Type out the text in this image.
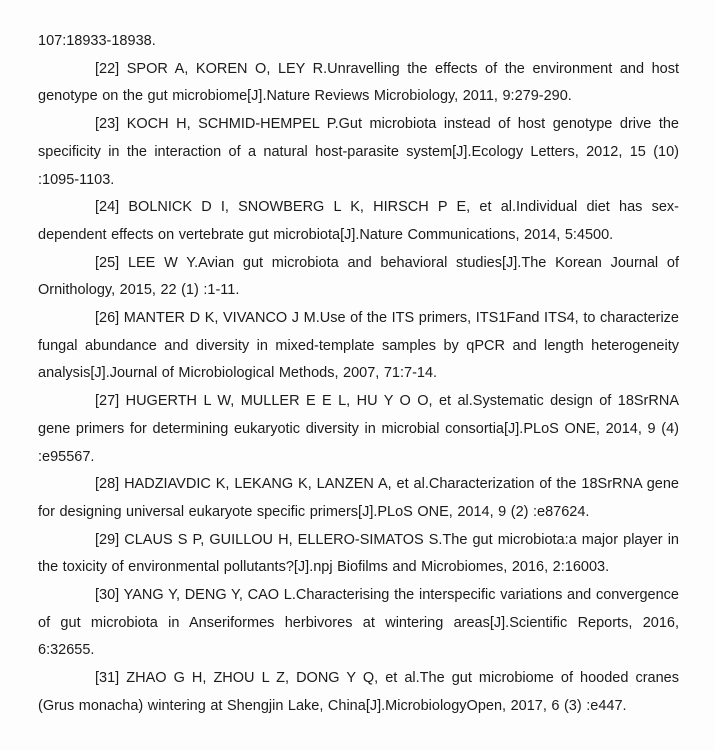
107:18933-18938.

[22] SPOR A, KOREN O, LEY R.Unravelling the effects of the environment and host genotype on the gut microbiome[J].Nature Reviews Microbiology, 2011, 9:279-290.

[23] KOCH H, SCHMID-HEMPEL P.Gut microbiota instead of host genotype drive the specificity in the interaction of a natural host-parasite system[J].Ecology Letters, 2012, 15 (10) :1095-1103.

[24] BOLNICK D I, SNOWBERG L K, HIRSCH P E, et al.Individual diet has sex-dependent effects on vertebrate gut microbiota[J].Nature Communications, 2014, 5:4500.

[25] LEE W Y.Avian gut microbiota and behavioral studies[J].The Korean Journal of Ornithology, 2015, 22 (1) :1-11.

[26] MANTER D K, VIVANCO J M.Use of the ITS primers, ITS1Fand ITS4, to characterize fungal abundance and diversity in mixed-template samples by qPCR and length heterogeneity analysis[J].Journal of Microbiological Methods, 2007, 71:7-14.

[27] HUGERTH L W, MULLER E E L, HU Y O O, et al.Systematic design of 18SrRNA gene primers for determining eukaryotic diversity in microbial consortia[J].PLoS ONE, 2014, 9 (4) :e95567.

[28] HADZIAVDIC K, LEKANG K, LANZEN A, et al.Characterization of the 18SrRNA gene for designing universal eukaryote specific primers[J].PLoS ONE, 2014, 9 (2) :e87624.

[29] CLAUS S P, GUILLOU H, ELLERO-SIMATOS S.The gut microbiota:a major player in the toxicity of environmental pollutants?[J].npj Biofilms and Microbiomes, 2016, 2:16003.

[30] YANG Y, DENG Y, CAO L.Characterising the interspecific variations and convergence of gut microbiota in Anseriformes herbivores at wintering areas[J].Scientific Reports, 2016, 6:32655.

[31] ZHAO G H, ZHOU L Z, DONG Y Q, et al.The gut microbiome of hooded cranes (Grus monacha) wintering at Shengjin Lake, China[J].MicrobiologyOpen, 2017, 6 (3) :e447.
